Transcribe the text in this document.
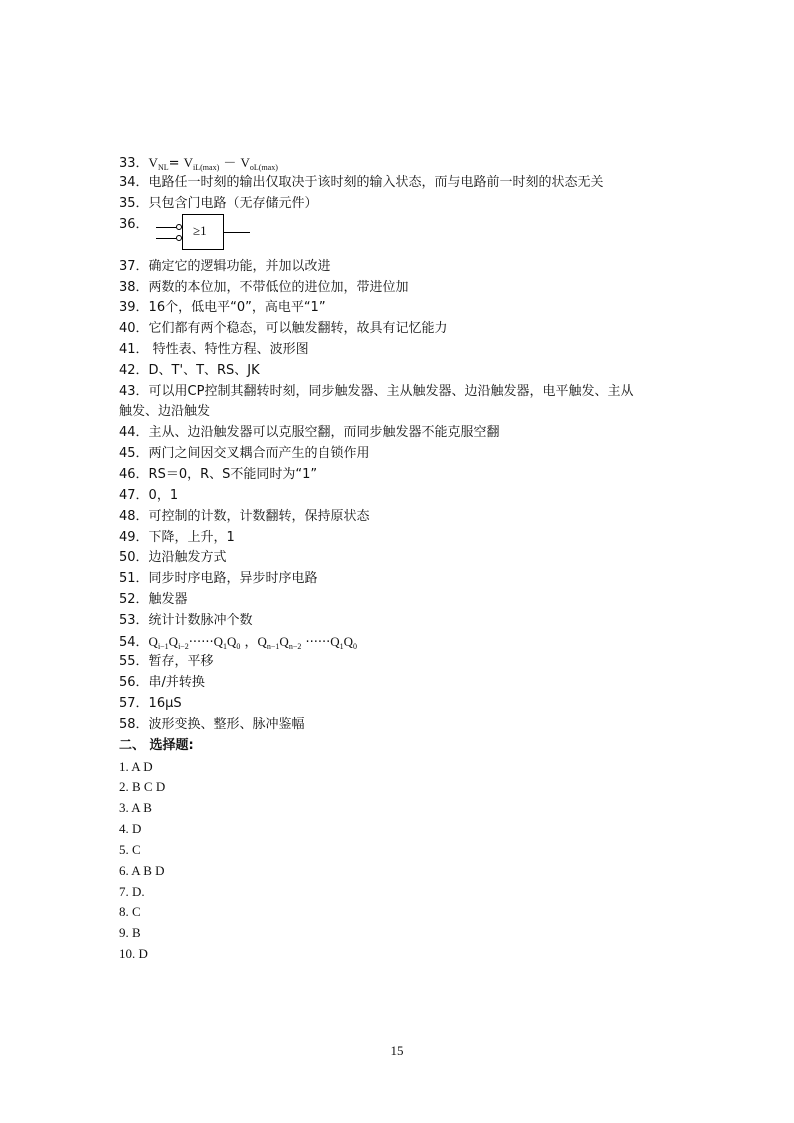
33．$V_{NL}= V_{iL(max)} - V_{oL(max)}$
34．电路任一时刻的输出仅取决于该时刻的输入状态，而与电路前一时刻的状态无关
35．只包含门电路（无存储元件）
36．	≥1
37．确定它的逻辑功能，并加以改进
38．两数的本位加，不带低位的进位加，带进位加
39．16个，低电平“0”，高电平“1”
40．它们都有两个稳态，可以触发翻转，故具有记忆能力
41． 特性表、特性方程、波形图
42．D、T'、T、RS、JK
43．可以用CP控制其翻转时刻，同步触发器、主从触发器、边沿触发器，电平触发、主从
触发、边沿触发
44．主从、边沿触发器可以克服空翻，而同步触发器不能克服空翻
45．两门之间因交叉耦合而产生的自锁作用
46．RS＝0，R、S不能同时为“1”
47．0，1
48．可控制的计数，计数翻转，保持原状态
49．下降，上升，1
50．边沿触发方式
51．同步时序电路，异步时序电路
52．触发器
53．统计计数脉冲个数
54．$Q_{i-1}Q_{i-2}\cdot\cdot\cdot\cdot\cdot\cdot Q_1Q_0$ ，$Q_{n-1}Q_{n-2} \cdot\cdot\cdot\cdot\cdot\cdot Q_1Q_0$
55．暂存，平移
56．串/并转换
57．16μS
58．波形变换、整形、脉冲鉴幅
二、 选择题:
1. A D
2. B C D
3. A B
4. D
5. C
6. A B D
7. D.
8. C
9. B
10. D
15
